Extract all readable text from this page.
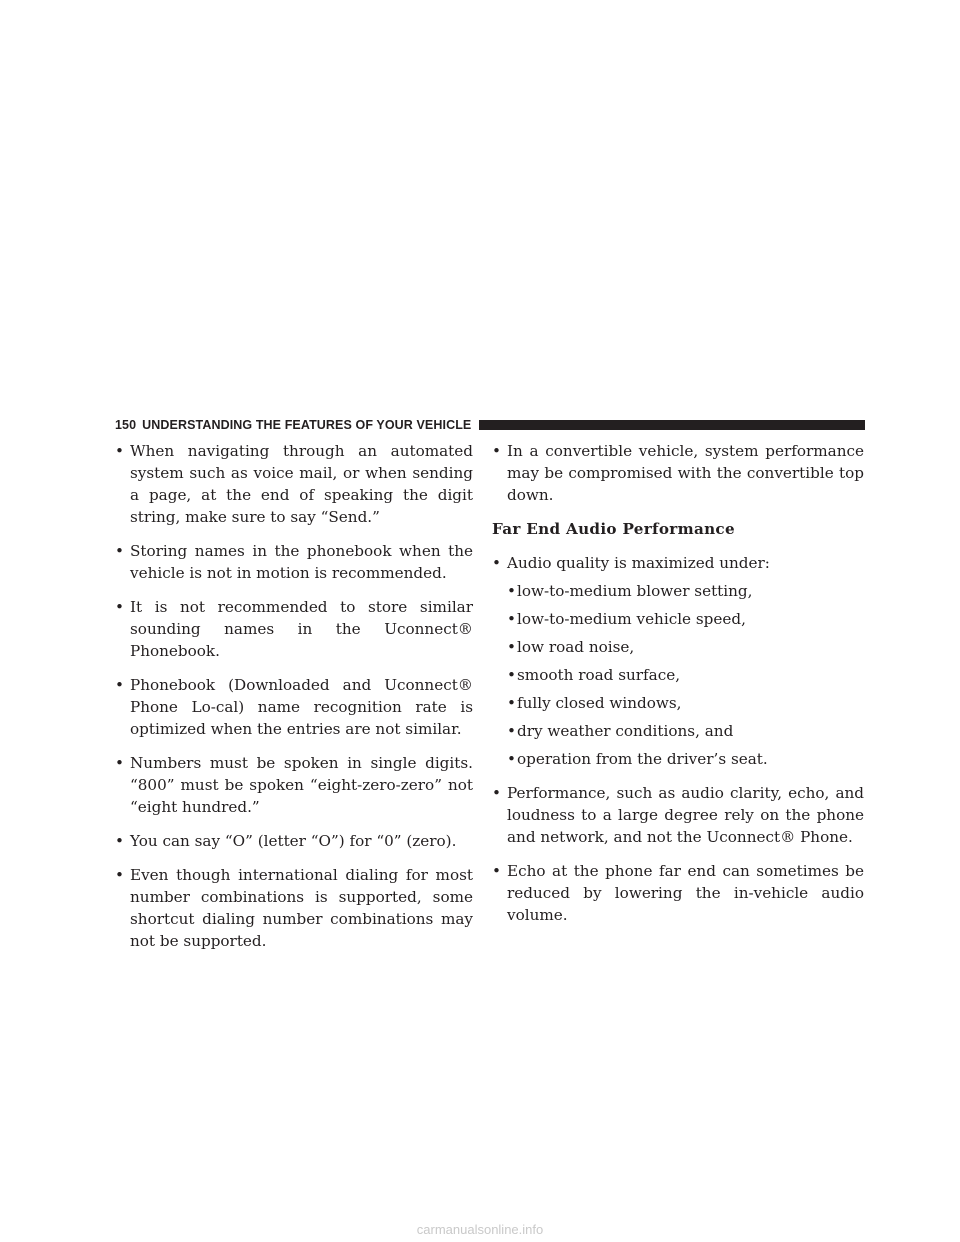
150 UNDERSTANDING THE FEATURES OF YOUR VEHICLE
• When navigating through an automated system such as voice mail, or when sending a page, at the end of speaking the digit string, make sure to say “Send.”
• Storing names in the phonebook when the vehicle is not in motion is recommended.
• It is not recommended to store similar sounding names in the Uconnect® Phonebook.
• Phonebook (Downloaded and Uconnect® Phone Lo-cal) name recognition rate is optimized when the entries are not similar.
• Numbers must be spoken in single digits. “800” must be spoken “eight-zero-zero” not “eight hundred.”
• You can say “O” (letter “O”) for “0” (zero).
• Even though international dialing for most number combinations is supported, some shortcut dialing number combinations may not be supported.
• In a convertible vehicle, system performance may be compromised with the convertible top down.
Far End Audio Performance
• Audio quality is maximized under:
• low-to-medium blower setting,
• low-to-medium vehicle speed,
• low road noise,
• smooth road surface,
• fully closed windows,
• dry weather conditions, and
• operation from the driver’s seat.
• Performance, such as audio clarity, echo, and loudness to a large degree rely on the phone and network, and not the Uconnect® Phone.
• Echo at the phone far end can sometimes be reduced by lowering the in-vehicle audio volume.
carmanualsonline.info
